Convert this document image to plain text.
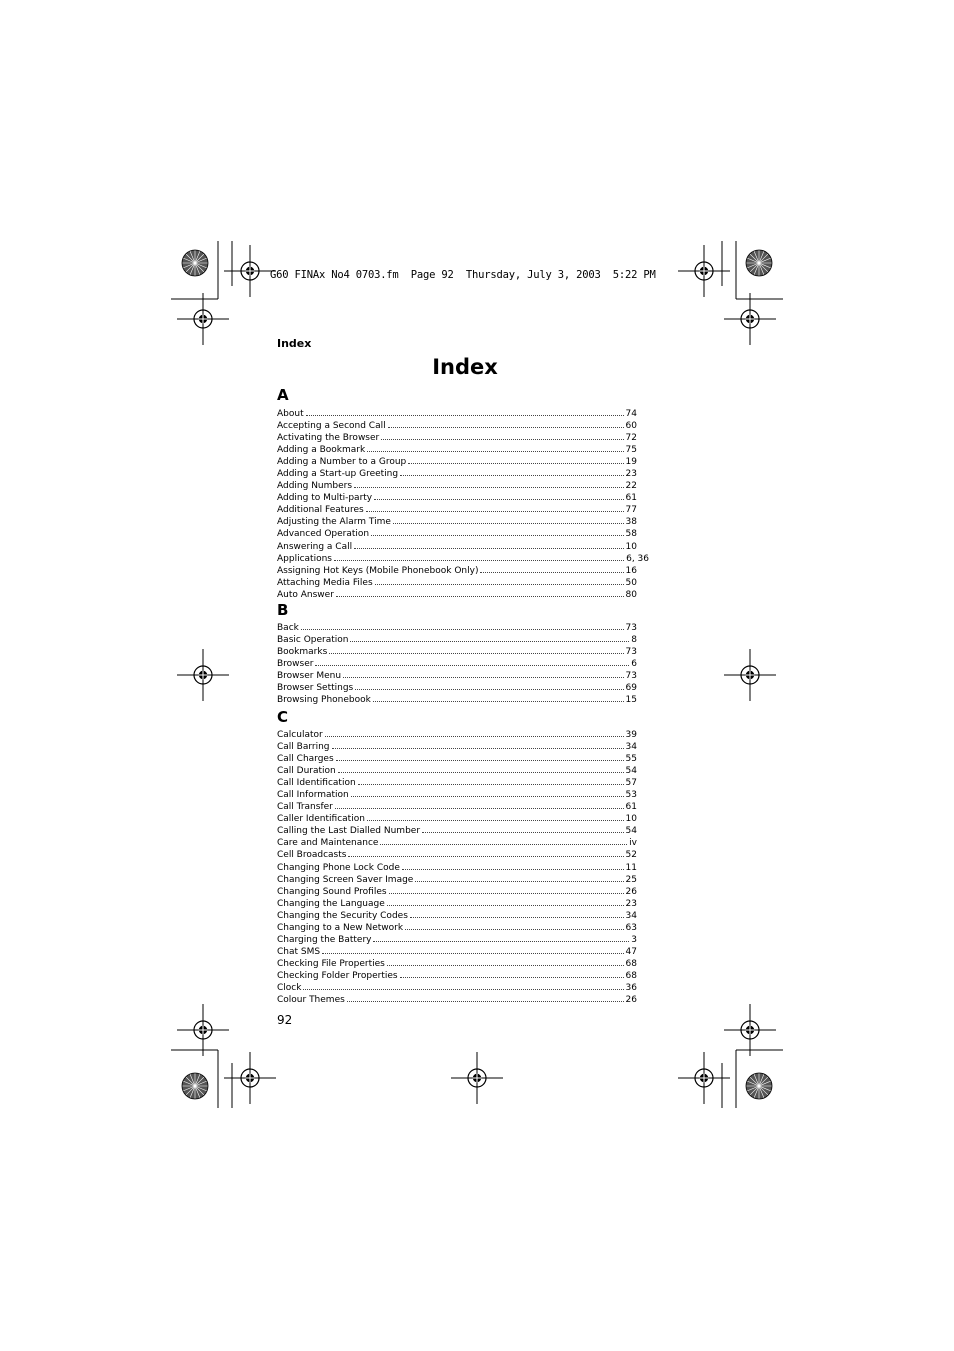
G60 FINAx No4 0703.fm  Page 92  Thursday, July 3, 2003  5:22 PM
Index
Index
A
About	74
Accepting a Second Call	60
Activating the Browser	72
Adding a Bookmark	75
Adding a Number to a Group	19
Adding a Start-up Greeting	23
Adding Numbers	22
Adding to Multi-party	61
Additional Features	77
Adjusting the Alarm Time	38
Advanced Operation	58
Answering a Call	10
Applications	6, 36
Assigning Hot Keys (Mobile Phonebook Only)	16
Attaching Media Files	50
Auto Answer	80
B
Back	73
Basic Operation	8
Bookmarks	73
Browser	6
Browser Menu	73
Browser Settings	69
Browsing Phonebook	15
C
Calculator	39
Call Barring	34
Call Charges	55
Call Duration	54
Call Identification	57
Call Information	53
Call Transfer	61
Caller Identification	10
Calling the Last Dialled Number	54
Care and Maintenance	iv
Cell Broadcasts	52
Changing Phone Lock Code	11
Changing Screen Saver Image	25
Changing Sound Profiles	26
Changing the Language	23
Changing the Security Codes	34
Changing to a New Network	63
Charging the Battery	3
Chat SMS	47
Checking File Properties	68
Checking Folder Properties	68
Clock	36
Colour Themes	26
92
